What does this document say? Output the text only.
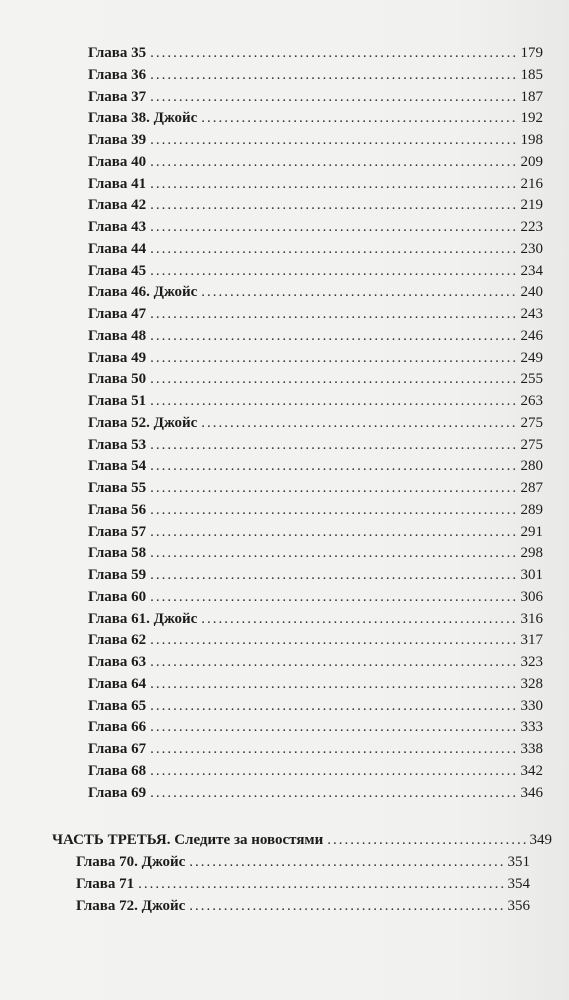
Глава 35 .....	179
Глава 36 .....	185
Глава 37 .....	187
Глава 38. Джойс .....	192
Глава 39 .....	198
Глава 40 .....	209
Глава 41 .....	216
Глава 42 .....	219
Глава 43 .....	223
Глава 44 .....	230
Глава 45 .....	234
Глава 46. Джойс .....	240
Глава 47 .....	243
Глава 48 .....	246
Глава 49 .....	249
Глава 50 .....	255
Глава 51 .....	263
Глава 52. Джойс .....	275
Глава 53 .....	275
Глава 54 .....	280
Глава 55 .....	287
Глава 56 .....	289
Глава 57 .....	291
Глава 58 .....	298
Глава 59 .....	301
Глава 60 .....	306
Глава 61. Джойс .....	316
Глава 62 .....	317
Глава 63 .....	323
Глава 64 .....	328
Глава 65 .....	330
Глава 66 .....	333
Глава 67 .....	338
Глава 68 .....	342
Глава 69 .....	346
ЧАСТЬ ТРЕТЬЯ. Следите за новостями .....	349
Глава 70. Джойс .....	351
Глава 71 .....	354
Глава 72. Джойс .....	356
